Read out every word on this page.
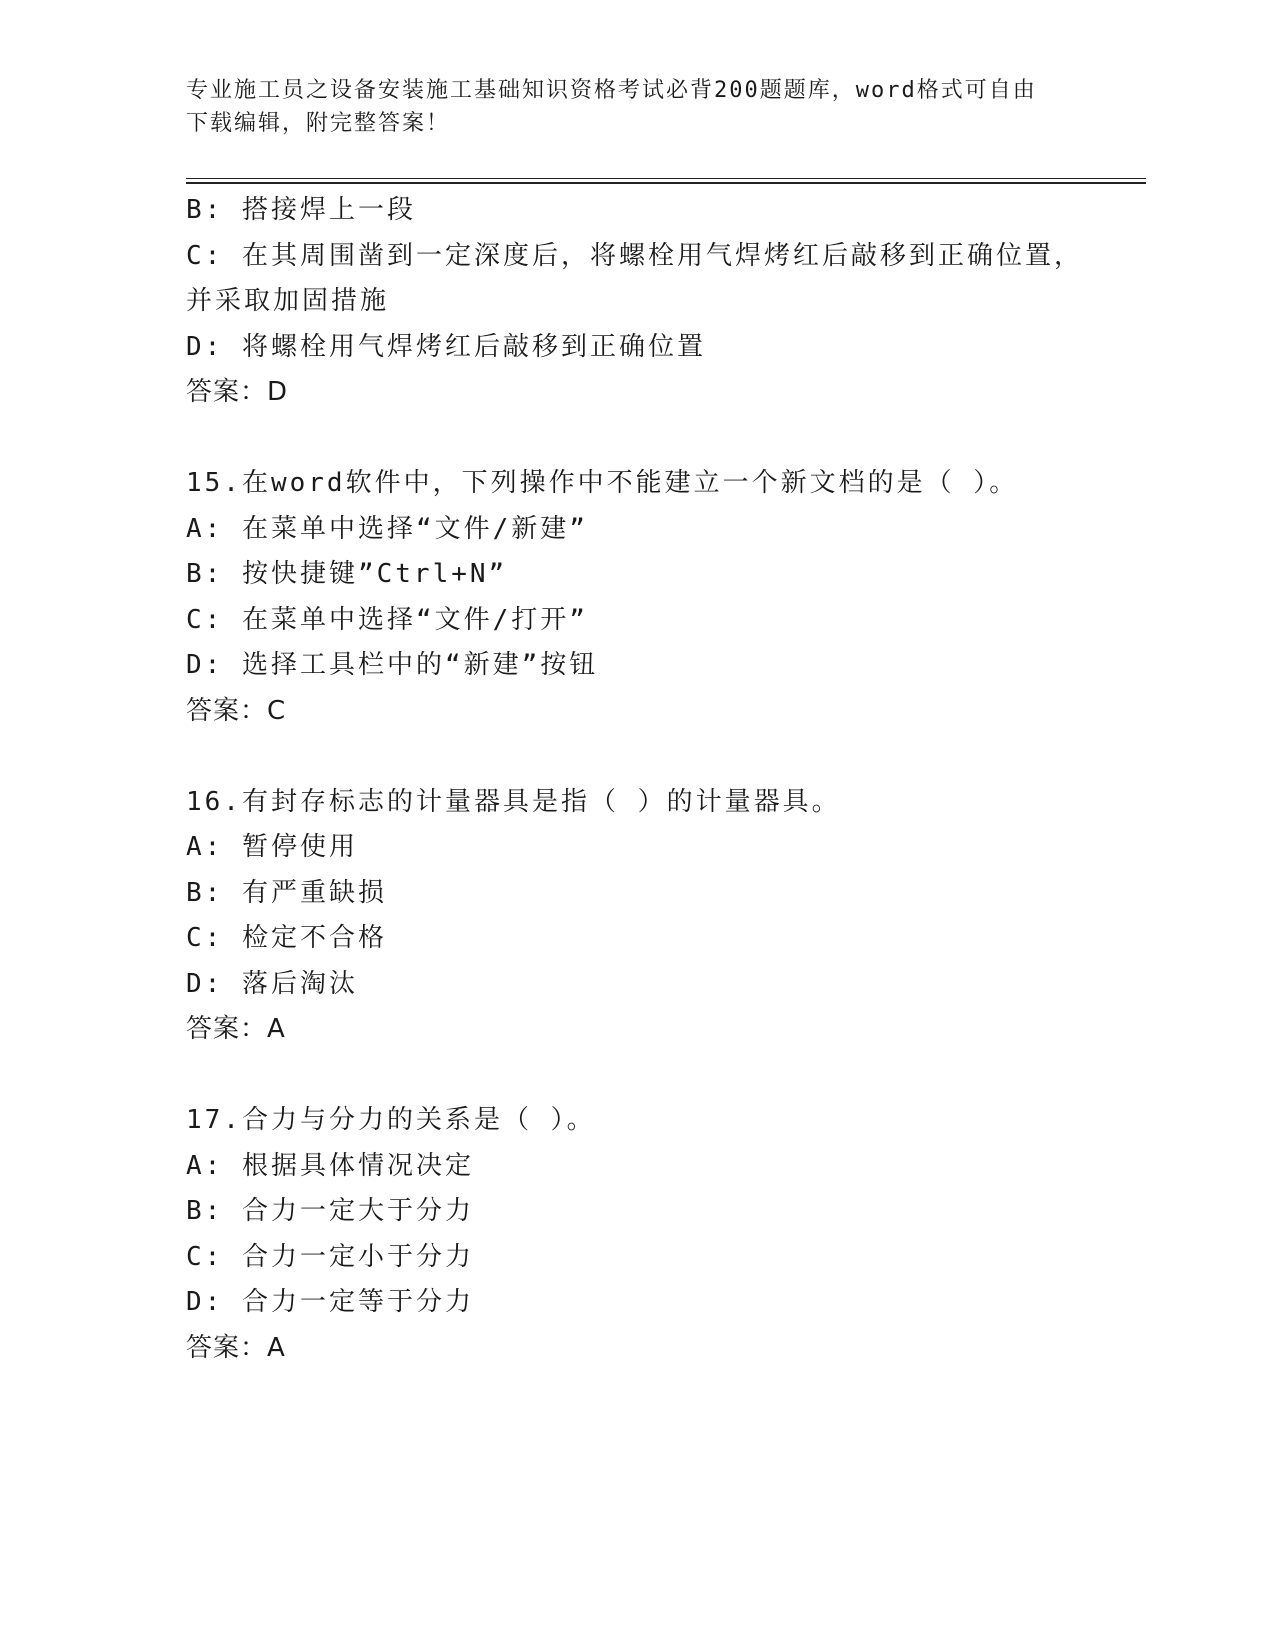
专业施工员之设备安装施工基础知识资格考试必背200题题库，word格式可自由
下载编辑，附完整答案！
B: 搭接焊上一段
C: 在其周围凿到一定深度后，将螺栓用气焊烤红后敲移到正确位置，
并采取加固措施
D: 将螺栓用气焊烤红后敲移到正确位置
答案：D
15.在word软件中，下列操作中不能建立一个新文档的是（ ）。
A: 在菜单中选择“文件/新建”
B: 按快捷键”Ctrl+N”
C: 在菜单中选择“文件/打开”
D: 选择工具栏中的“新建”按钮
答案：C
16.有封存标志的计量器具是指（ ）的计量器具。
A: 暂停使用
B: 有严重缺损
C: 检定不合格
D: 落后淘汰
答案：A
17.合力与分力的关系是（ ）。
A: 根据具体情况决定
B: 合力一定大于分力
C: 合力一定小于分力
D: 合力一定等于分力
答案：A
